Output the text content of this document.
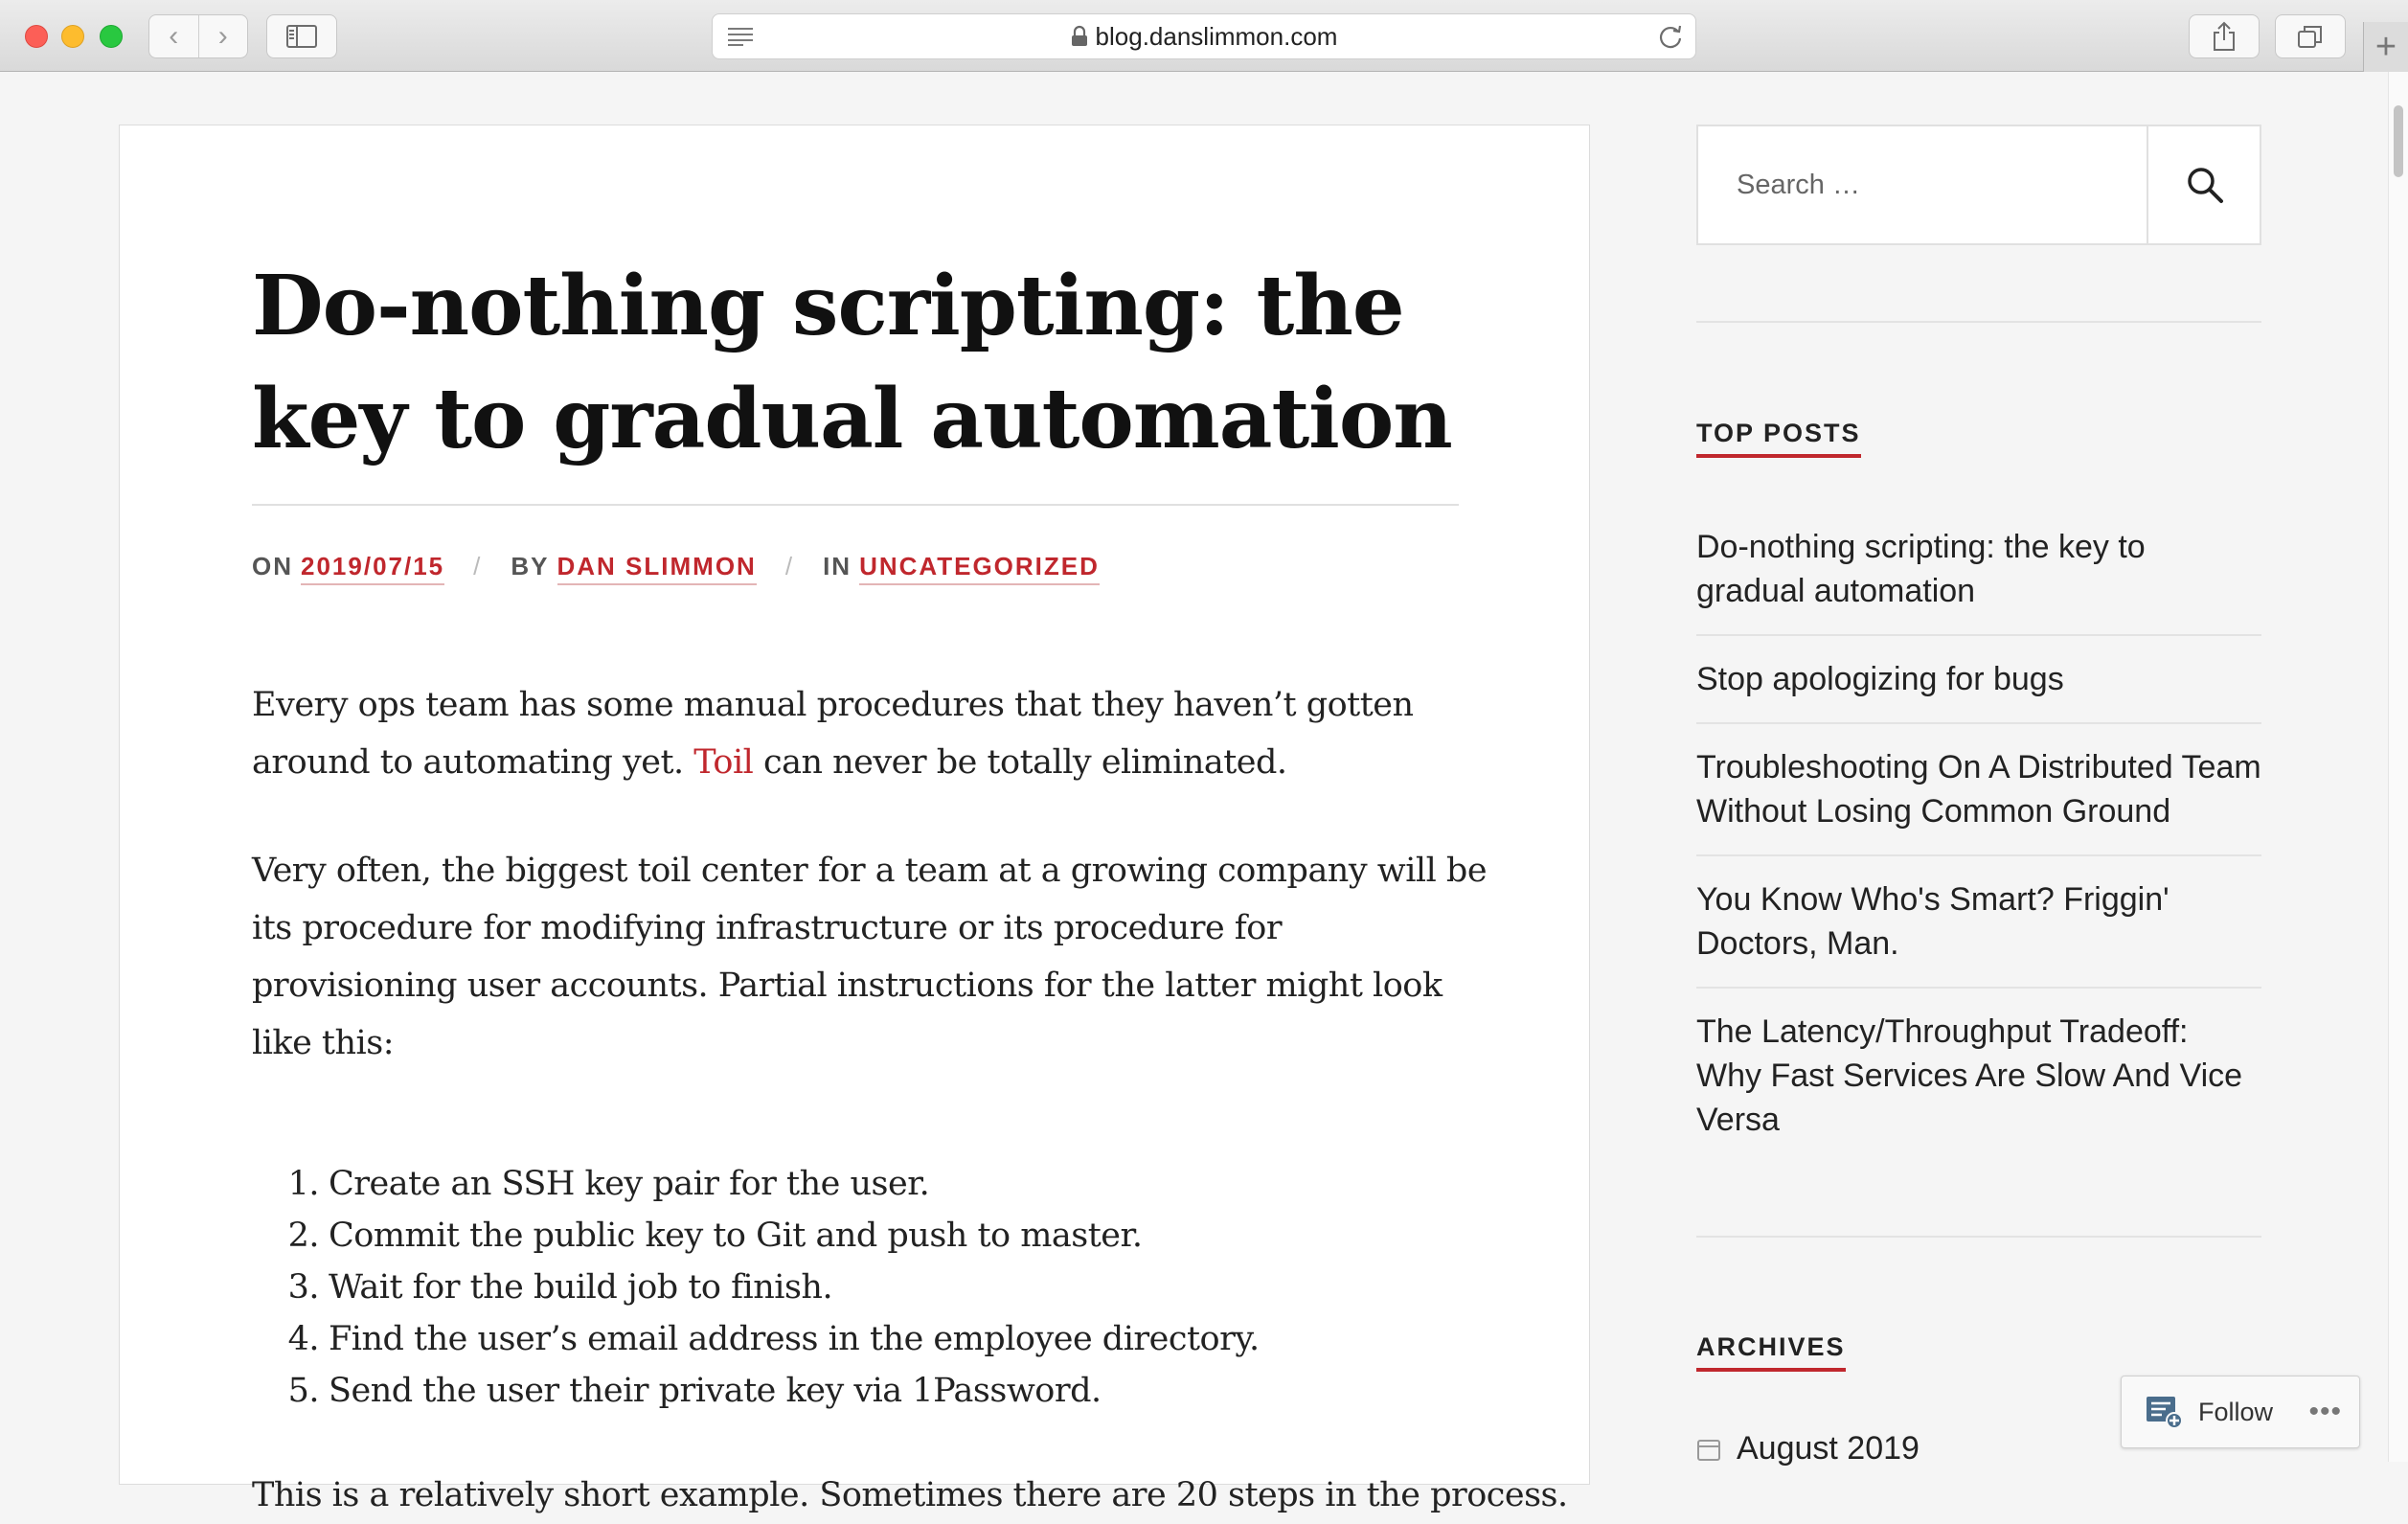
‹ ›	blog.danslimmon.com	+
Do-nothing scripting: the key to gradual automation
ON 2019/07/15 / BY DAN SLIMMON / IN UNCATEGORIZED

Every ops team has some manual procedures that they haven’t gotten around to automating yet. Toil can never be totally eliminated.

Very often, the biggest toil center for a team at a growing company will be its procedure for modifying infrastructure or its procedure for provisioning user accounts. Partial instructions for the latter might look like this:

1. Create an SSH key pair for the user.
2. Commit the public key to Git and push to master.
3. Wait for the build job to finish.
4. Find the user’s email address in the employee directory.
5. Send the user their private key via 1Password.

This is a relatively short example. Sometimes there are 20 steps in the process.

Search …
TOP POSTS
Do-nothing scripting: the key to gradual automation
Stop apologizing for bugs
Troubleshooting On A Distributed Team Without Losing Common Ground
You Know Who's Smart? Friggin' Doctors, Man.
The Latency/Throughput Tradeoff: Why Fast Services Are Slow And Vice Versa
ARCHIVES
August 2019
Follow •••
